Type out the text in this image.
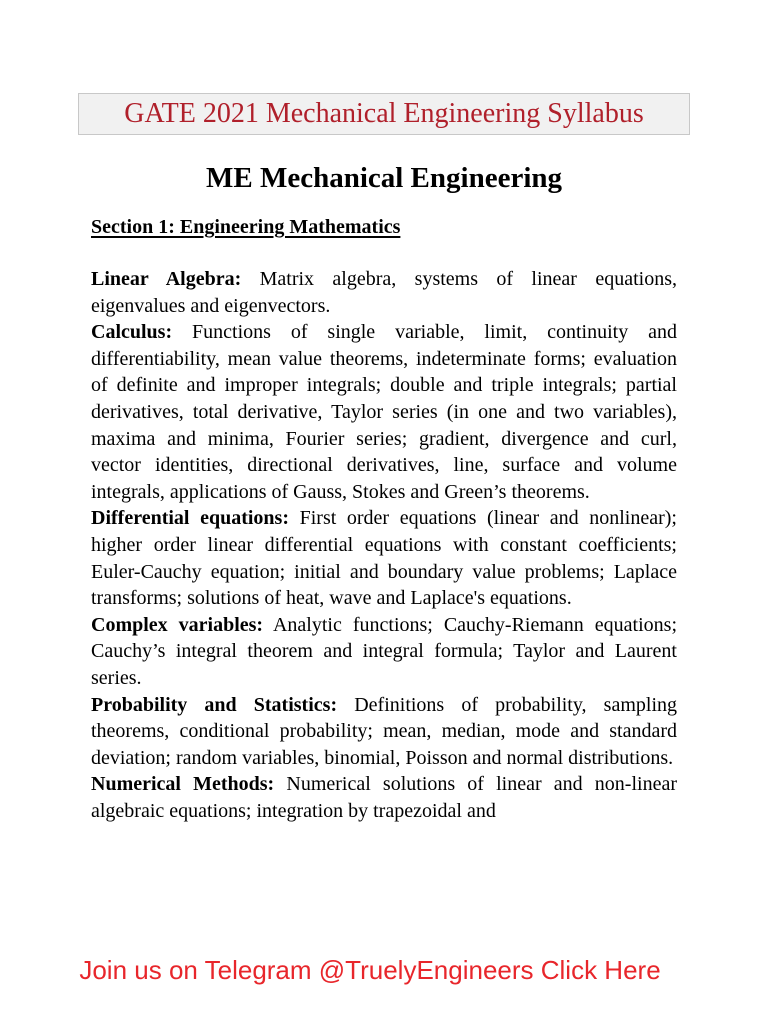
GATE 2021 Mechanical Engineering Syllabus
ME Mechanical Engineering
Section 1: Engineering Mathematics

Linear Algebra: Matrix algebra, systems of linear equations, eigenvalues and eigenvectors.

Calculus: Functions of single variable, limit, continuity and differentiability, mean value theorems, indeterminate forms; evaluation of definite and improper integrals; double and triple integrals; partial derivatives, total derivative, Taylor series (in one and two variables), maxima and minima, Fourier series; gradient, divergence and curl, vector identities, directional derivatives, line, surface and volume integrals, applications of Gauss, Stokes and Green’s theorems.

Differential equations: First order equations (linear and nonlinear); higher order linear differential equations with constant coefficients; Euler-Cauchy equation; initial and boundary value problems; Laplace transforms; solutions of heat, wave and Laplace's equations.

Complex variables: Analytic functions; Cauchy-Riemann equations; Cauchy’s integral theorem and integral formula; Taylor and Laurent series.

Probability and Statistics: Definitions of probability, sampling theorems, conditional probability; mean, median, mode and standard deviation; random variables, binomial, Poisson and normal distributions.

Numerical Methods: Numerical solutions of linear and non-linear algebraic equations; integration by trapezoidal and

Join us on Telegram @TruelyEngineers Click Here
